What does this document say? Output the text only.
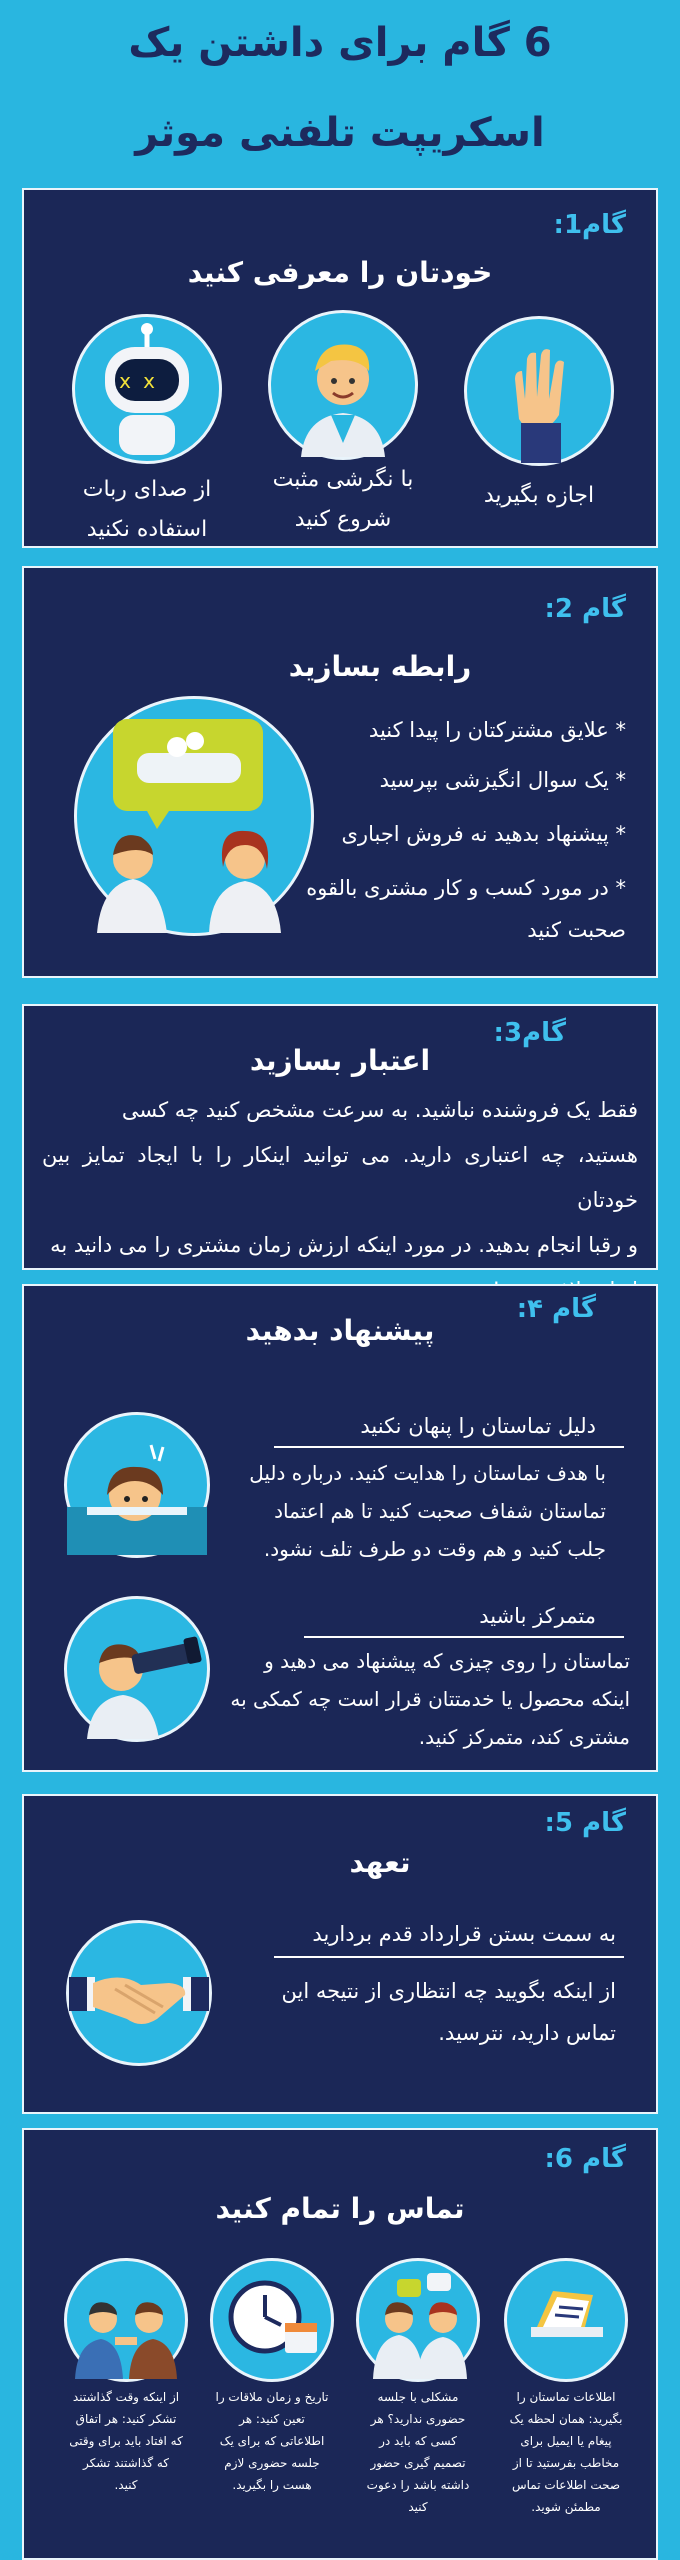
6 گام برای داشتن یک
اسکریپت تلفنی موثر
گام1:
خودتان را معرفی کنید
x x
اجازه بگیرید
با نگرشی مثبت
شروع کنید
از صدای ربات
استفاده نکنید
گام 2:
رابطه بسازید
* علایق مشترکتان را پیدا کنید
* یک سوال انگیزشی بپرسید
* پیشنهاد بدهید نه فروش اجباری
* در مورد کسب و کار مشتری بالقوه
صحبت کنید
گام3:
اعتبار بسازید
فقط یک فروشنده نباشید. به سرعت مشخص کنید چه کسی
هستید، چه اعتباری دارید. می توانید اینکار را با ایجاد تمایز بین خودتان
و رقبا انجام بدهید. در مورد اینکه ارزش زمان مشتری را می دانید به
گام ۴:
پیشنهاد بدهید
دلیل تماستان را پنهان نکنید
با هدف تماستان را هدایت کنید. درباره دلیل
تماستان شفاف صحبت کنید تا هم اعتماد
جلب کنید و هم وقت دو طرف تلف نشود.
متمرکز باشید
تماستان را روی چیزی که پیشنهاد می دهید و
اینکه محصول یا خدمتتان قرار است چه کمکی به
مشتری کند، متمرکز کنید.
گام 5:
تعهد
به سمت بستن قرارداد قدم بردارید
از اینکه بگویید چه انتظاری از نتیجه این
تماس دارید، نترسید.
گام 6:
تماس را تمام کنید
اطلاعات تماستان را
بگیرید: همان لحظه یک
پیغام یا ایمیل برای
مخاطب بفرستید تا از
صحت اطلاعات تماس
مطمئن شوید.
مشکلی با جلسه
حضوری ندارید؟ هر
کسی که باید در
تصمیم گیری حضور
داشته باشد را دعوت
کنید
تاریخ و زمان ملاقات را
تعین کنید: هر
اطلاعاتی که برای یک
جلسه حضوری لازم
هست را بگیرید.
از اینکه وقت گذاشتند
تشکر کنید: هر اتفاق
که افتاد باید برای وقتی
که گذاشتند تشکر
کنید.
